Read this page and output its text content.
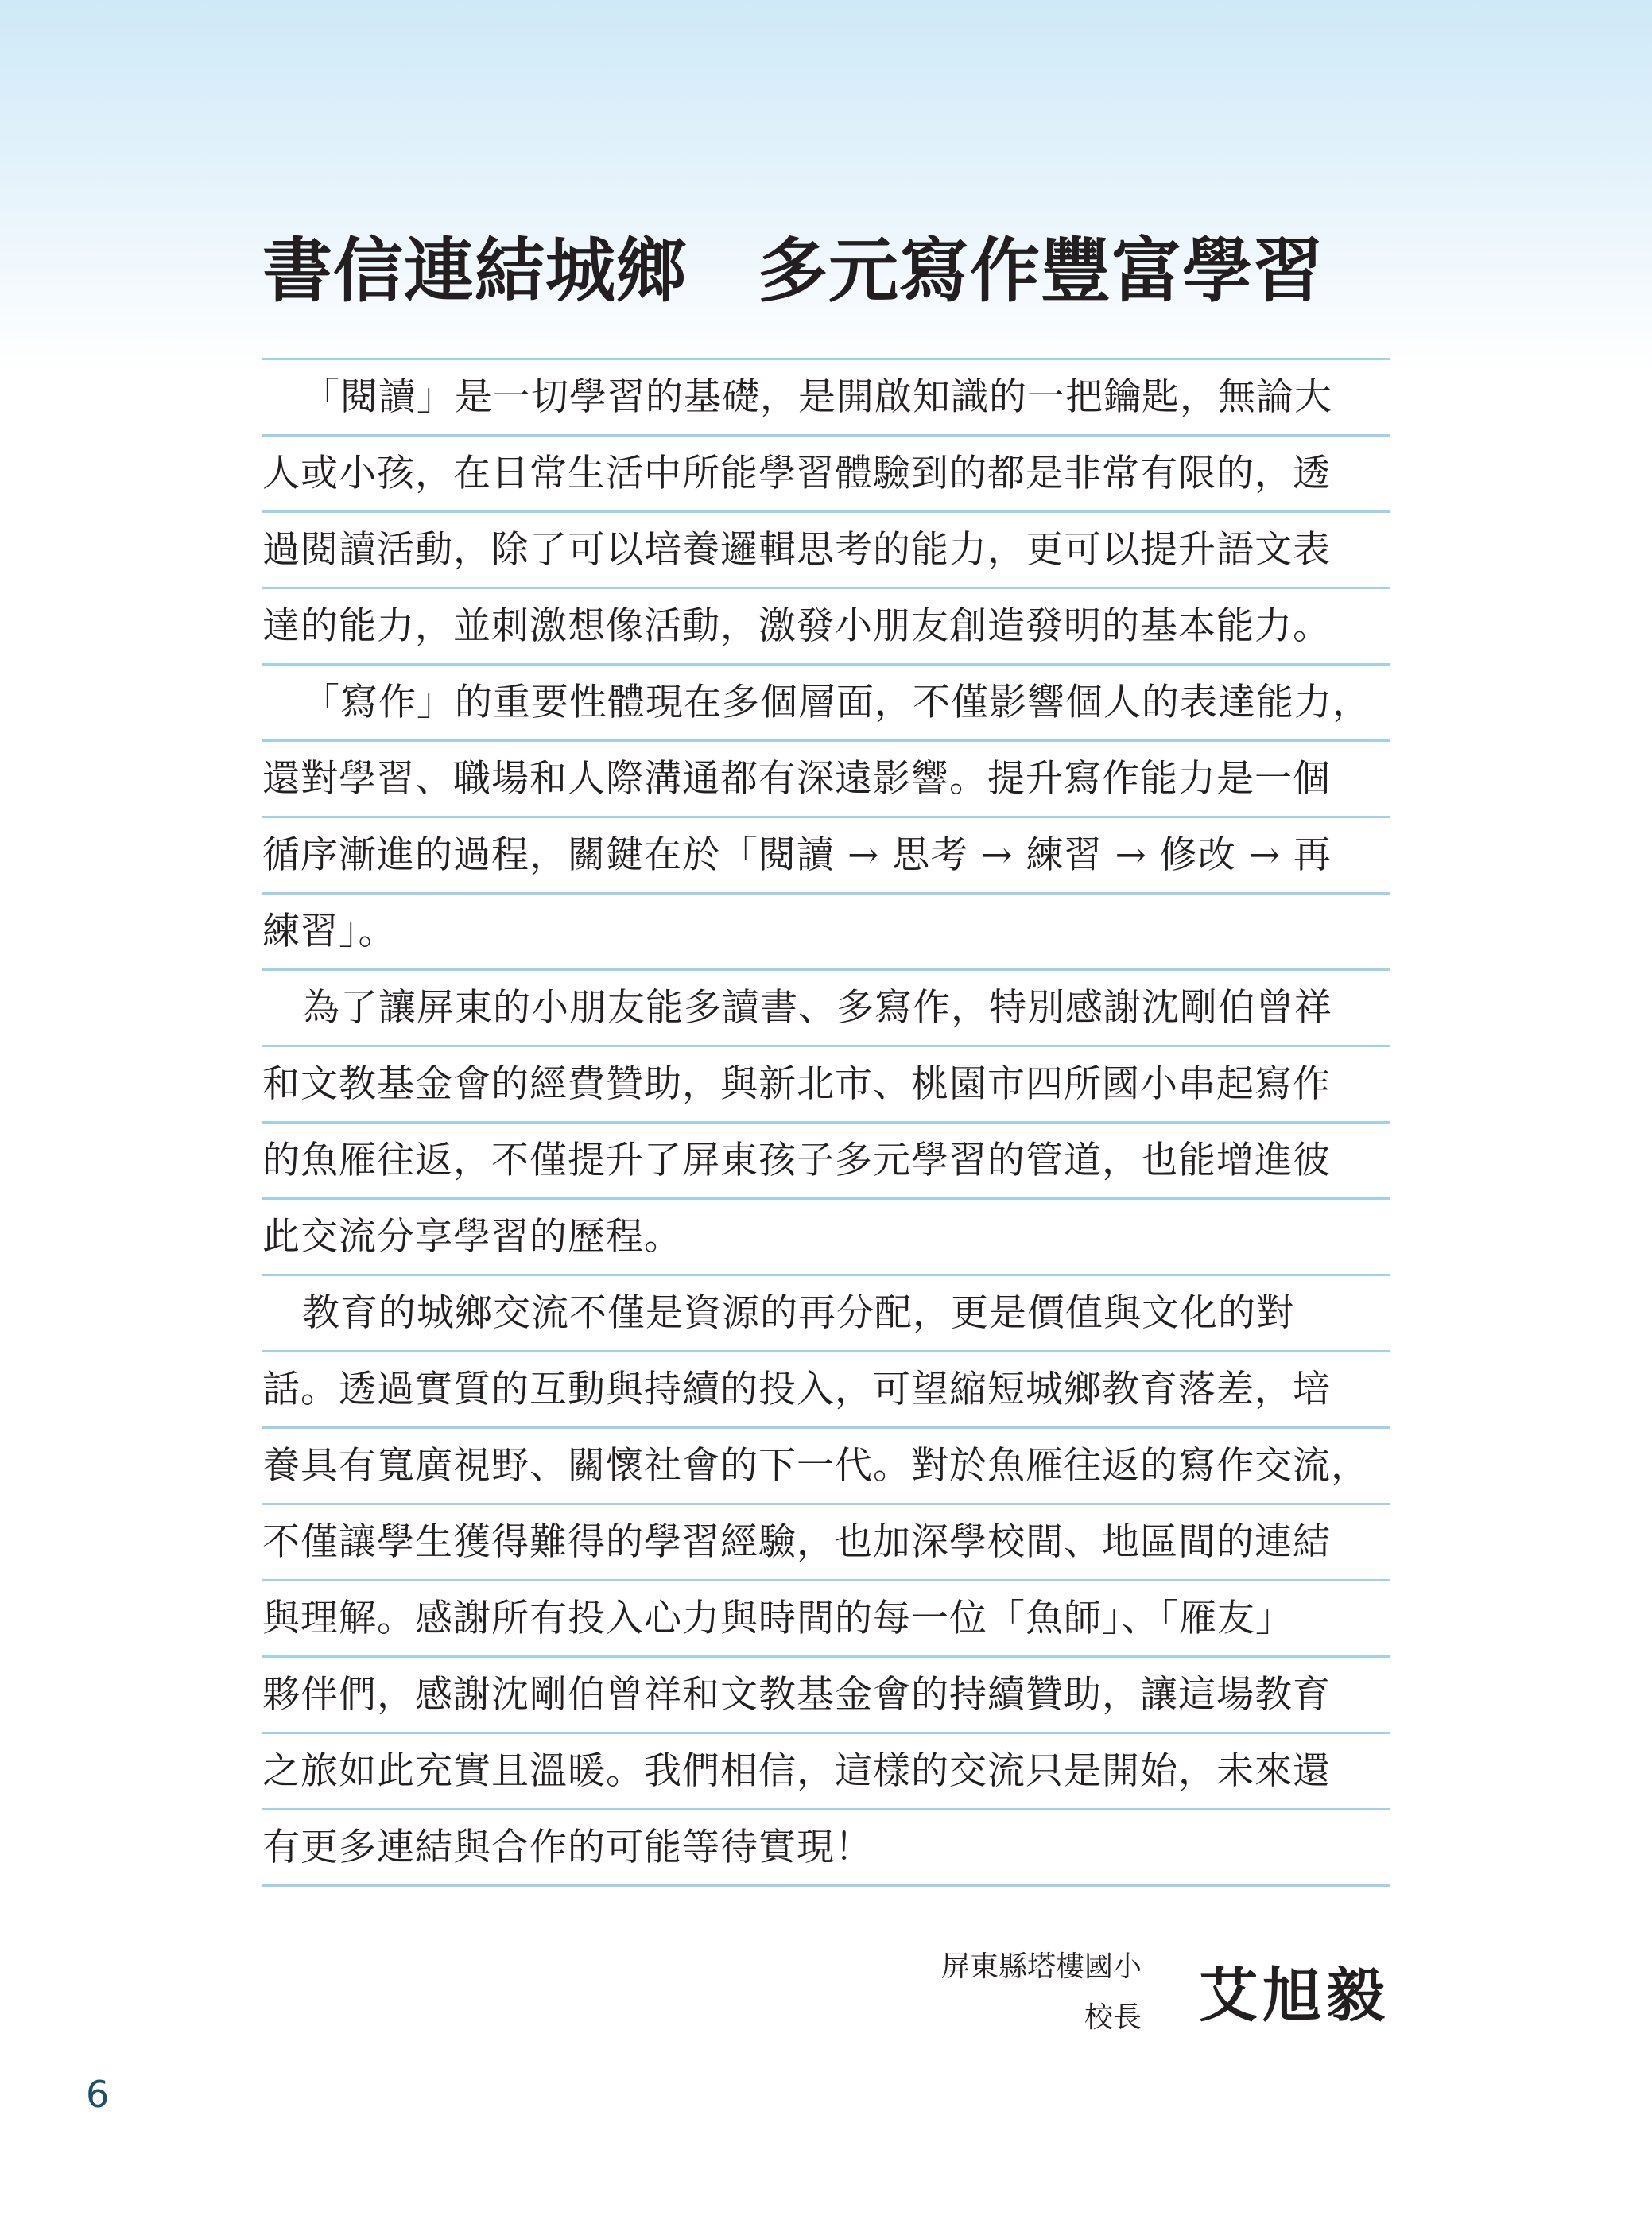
書信連結城鄉　多元寫作豐富學習
「閱讀」是一切學習的基礎，是開啟知識的一把鑰匙，無論大
人或小孩，在日常生活中所能學習體驗到的都是非常有限的，透
過閱讀活動，除了可以培養邏輯思考的能力，更可以提升語文表
達的能力，並刺激想像活動，激發小朋友創造發明的基本能力。
「寫作」的重要性體現在多個層面，不僅影響個人的表達能力，
還對學習、職場和人際溝通都有深遠影響。提升寫作能力是一個
循序漸進的過程，關鍵在於「閱讀 → 思考 → 練習 → 修改 → 再
練習」。
為了讓屏東的小朋友能多讀書、多寫作，特別感謝沈剛伯曾祥
和文教基金會的經費贊助，與新北市、桃園市四所國小串起寫作
的魚雁往返，不僅提升了屏東孩子多元學習的管道，也能增進彼
此交流分享學習的歷程。
教育的城鄉交流不僅是資源的再分配，更是價值與文化的對
話。透過實質的互動與持續的投入，可望縮短城鄉教育落差，培
養具有寬廣視野、關懷社會的下一代。對於魚雁往返的寫作交流，
不僅讓學生獲得難得的學習經驗，也加深學校間、地區間的連結
與理解。感謝所有投入心力與時間的每一位「魚師」、「雁友」
夥伴們，感謝沈剛伯曾祥和文教基金會的持續贊助，讓這場教育
之旅如此充實且溫暖。我們相信，這樣的交流只是開始，未來還
有更多連結與合作的可能等待實現！
屏東縣塔樓國小
校長 艾旭毅
6
